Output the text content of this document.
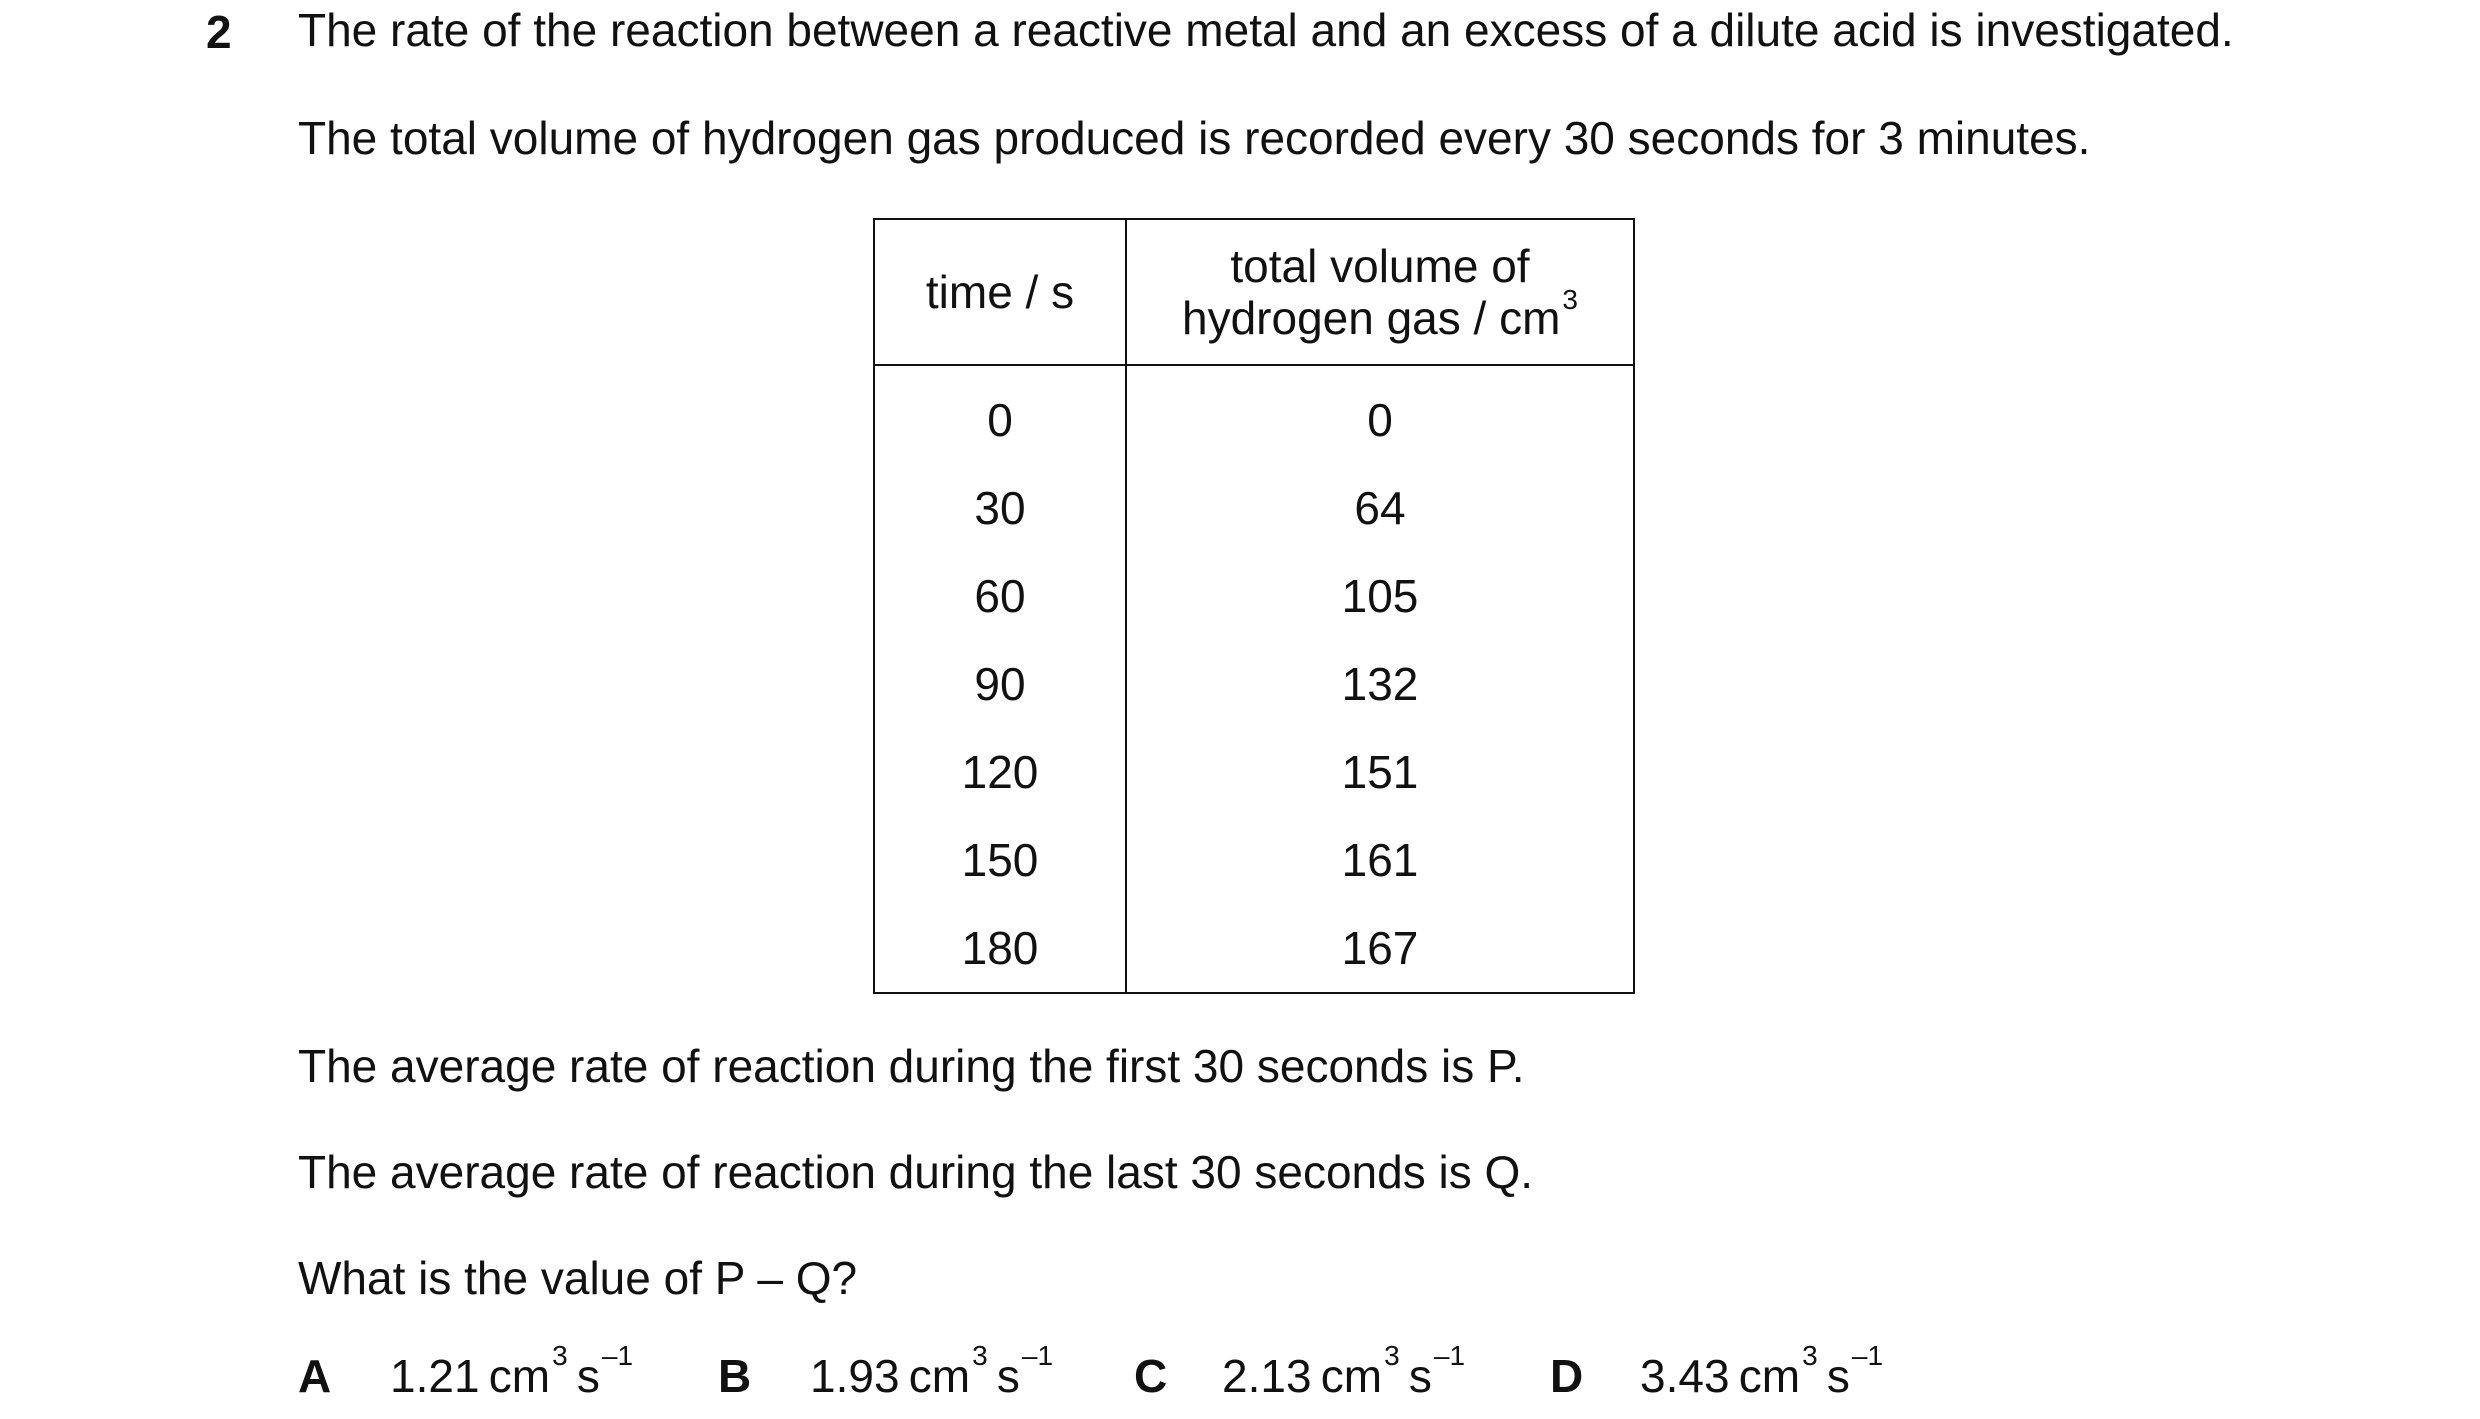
2 The rate of the reaction between a reactive metal and an excess of a dilute acid is investigated.
The total volume of hydrogen gas produced is recorded every 30 seconds for 3 minutes.
time / s	total volume of
hydrogen gas / $cm^3$
0	0
30	64
60	105
90	132
120	151
150	161
180	167
The average rate of reaction during the first 30 seconds is P.
The average rate of reaction during the last 30 seconds is Q.
What is the value of P – Q?
A 1.21  $cm^3$  $s^{-1}$ B 1.93  $cm^3$  $s^{-1}$ C 2.13  $cm^3$  $s^{-1}$ D 3.43  $cm^3$  $s^{-1}$
